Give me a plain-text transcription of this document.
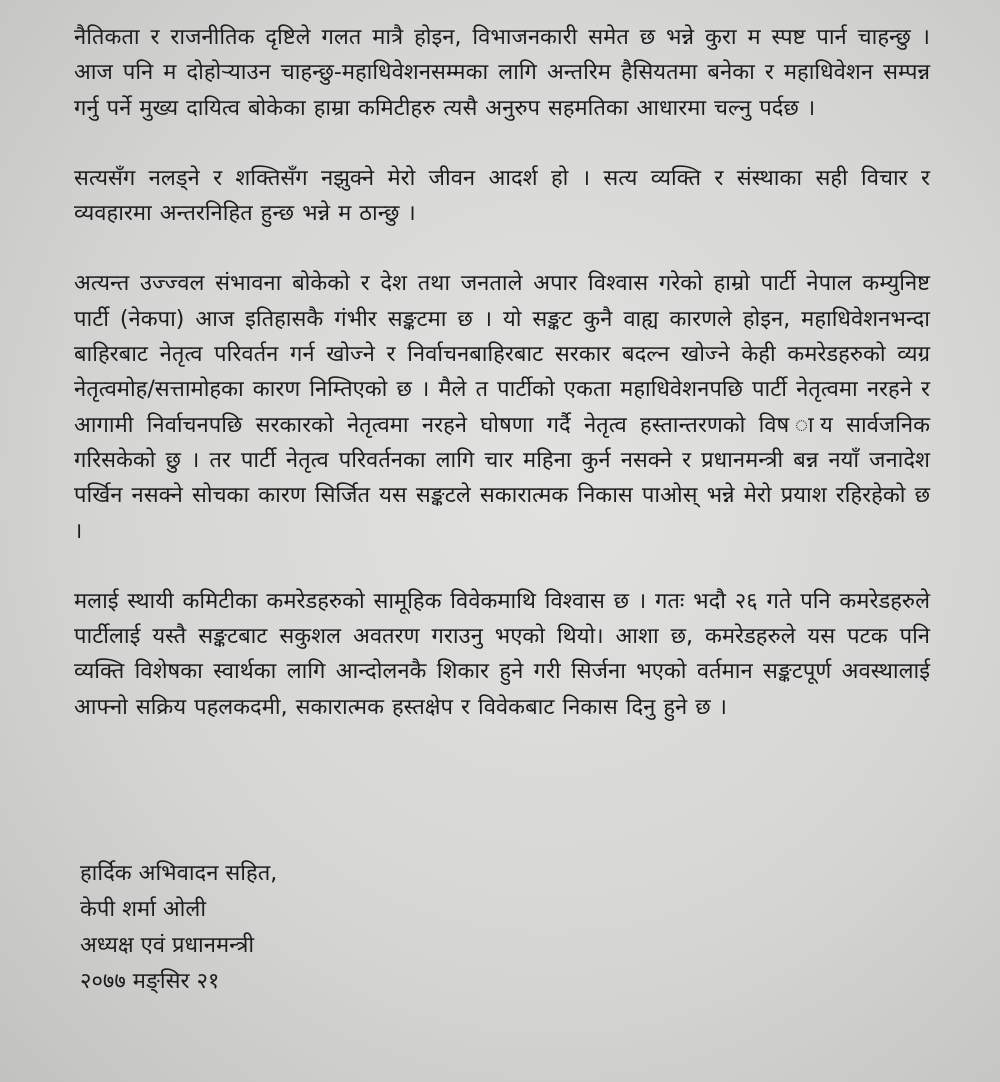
नैतिकता र राजनीतिक दृष्टिले गलत मात्रै होइन, विभाजनकारी समेत छ भन्ने कुरा म स्पष्ट पार्न चाहन्छु । आज पनि म दोहोऱ्याउन चाहन्छु-महाधिवेशनसम्मका लागि अन्तरिम हैसियतमा बनेका र महाधिवेशन सम्पन्न गर्नु पर्ने मुख्य दायित्व बोकेका हाम्रा कमिटीहरु त्यसै अनुरुप सहमतिका आधारमा चल्नु पर्दछ ।

सत्यसँग नलड्ने र शक्तिसँग नझुक्ने मेरो जीवन आदर्श हो । सत्य व्यक्ति र संस्थाका सही विचार र व्यवहारमा अन्तरनिहित हुन्छ भन्ने म ठान्छु ।

अत्यन्त उज्ज्वल संभावना बोकेको र देश तथा जनताले अपार विश्वास गरेको हाम्रो पार्टी नेपाल कम्युनिष्ट पार्टी (नेकपा) आज इतिहासकै गंभीर सङ्कटमा छ । यो सङ्कट कुनै वाह्य कारणले होइन, महाधिवेशनभन्दा बाहिरबाट नेतृत्व परिवर्तन गर्न खोज्ने र निर्वाचनबाहिरबाट सरकार बदल्न खोज्ने केही कमरेडहरुको व्यग्र नेतृत्वमोह/सत्तामोहका कारण निम्तिएको छ । मैले त पार्टीको एकता महाधिवेशनपछि पार्टी नेतृत्वमा नरहने र आगामी निर्वाचनपछि सरकारको नेतृत्वमा नरहने घोषणा गर्दै नेतृत्व हस्तान्तरणको विष ाय सार्वजनिक गरिसकेको छु । तर पार्टी नेतृत्व परिवर्तनका लागि चार महिना कुर्न नसक्ने र प्रधानमन्त्री बन्न नयाँ जनादेश पर्खिन नसक्ने सोचका कारण सिर्जित यस सङ्कटले सकारात्मक निकास पाओस् भन्ने मेरो प्रयाश रहिरहेको छ ।

मलाई स्थायी कमिटीका कमरेडहरुको सामूहिक विवेकमाथि विश्वास छ । गतः भदौ २६ गते पनि कमरेडहरुले पार्टीलाई यस्तै सङ्कटबाट सकुशल अवतरण गराउनु भएको थियो। आशा छ, कमरेडहरुले यस पटक पनि व्यक्ति विशेषका स्वार्थका लागि आन्दोलनकै शिकार हुने गरी सिर्जना भएको वर्तमान सङ्कटपूर्ण अवस्थालाई आफ्नो सक्रिय पहलकदमी, सकारात्मक हस्तक्षेप र विवेकबाट निकास दिनु हुने छ ।

हार्दिक अभिवादन सहित,

केपी शर्मा ओली

अध्यक्ष एवं प्रधानमन्त्री

२०७७ मङ्सिर २१
